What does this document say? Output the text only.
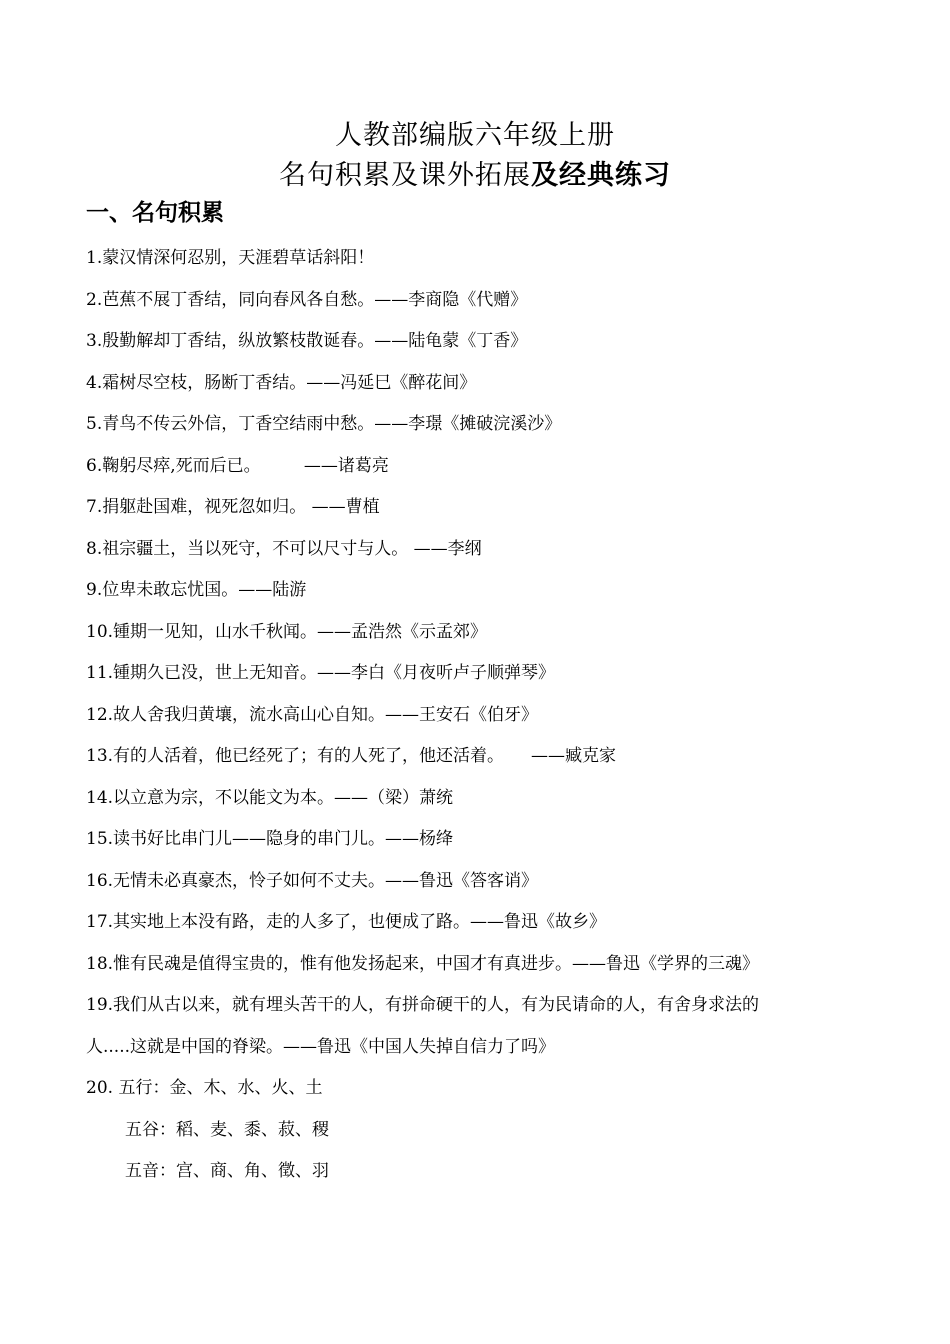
人教部编版六年级上册
名句积累及课外拓展及经典练习
一、名句积累
1.蒙汉情深何忍别，天涯碧草话斜阳！
2.芭蕉不展丁香结，同向春风各自愁。——李商隐《代赠》
3.殷勤解却丁香结，纵放繁枝散诞春。——陆龟蒙《丁香》
4.霜树尽空枝，肠断丁香结。——冯延巳《醉花间》
5.青鸟不传云外信，丁香空结雨中愁。——李璟《摊破浣溪沙》
6.鞠躬尽瘁,死而后已。        ——诸葛亮
7.捐躯赴国难，视死忽如归。 ——曹植
8.祖宗疆土，当以死守，不可以尺寸与人。 ——李纲
9.位卑未敢忘忧国。——陆游
10.锺期一见知，山水千秋闻。——孟浩然《示孟郊》
11.锺期久已没，世上无知音。——李白《月夜听卢子顺弹琴》
12.故人舍我归黄壤，流水高山心自知。——王安石《伯牙》
13.有的人活着，他已经死了；有的人死了，他还活着。     ——臧克家
14.以立意为宗，不以能文为本。——（梁）萧统
15.读书好比串门儿——隐身的串门儿。——杨绛
16.无情未必真豪杰，怜子如何不丈夫。——鲁迅《答客诮》
17.其实地上本没有路，走的人多了，也便成了路。——鲁迅《故乡》
18.惟有民魂是值得宝贵的，惟有他发扬起来，中国才有真进步。——鲁迅《学界的三魂》
19.我们从古以来，就有埋头苦干的人，有拼命硬干的人，有为民请命的人，有舍身求法的
人.....这就是中国的脊梁。——鲁迅《中国人失掉自信力了吗》
20. 五行：金、木、水、火、土
五谷：稻、麦、黍、菽、稷
五音：宫、商、角、徵、羽
